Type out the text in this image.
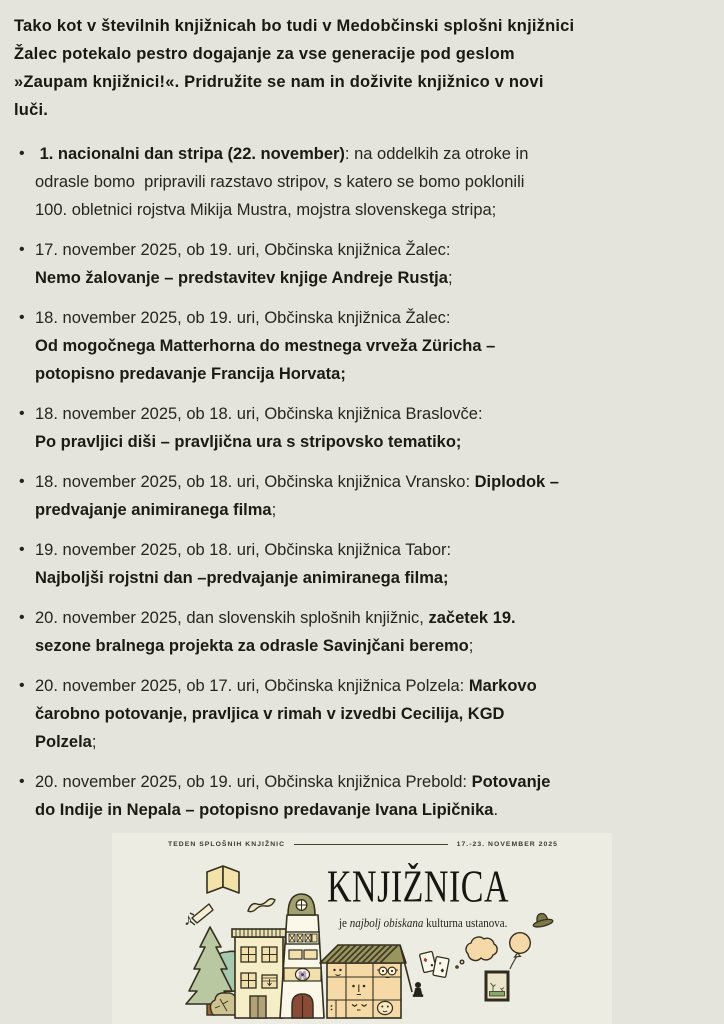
Tako kot v številnih knjižnicah bo tudi v Medobčinski splošni knjižnici
Žalec potekalo pestro dogajanje za vse generacije pod geslom
»Zaupam knjižnici!«. Pridružite se nam in doživite knjižnico v novi
luči.
• 1. nacionalni dan stripa (22. november): na oddelkih za otroke in
odrasle bomo  pripravili razstavo stripov, s katero se bomo poklonili
100. obletnici rojstva Mikija Mustra, mojstra slovenskega stripa;
• 17. november 2025, ob 19. uri, Občinska knjižnica Žalec:
Nemo žalovanje – predstavitev knjige Andreje Rustja;
• 18. november 2025, ob 19. uri, Občinska knjižnica Žalec:
Od mogočnega Matterhorna do mestnega vrveža Züricha –
potopisno predavanje Francija Horvata;
• 18. november 2025, ob 18. uri, Občinska knjižnica Braslovče:
Po pravljici diši – pravljična ura s stripovsko tematiko;
• 18. november 2025, ob 18. uri, Občinska knjižnica Vransko: Diplodok –
predvajanje animiranega filma;
• 19. november 2025, ob 18. uri, Občinska knjižnica Tabor:
Najboljši rojstni dan –predvajanje animiranega filma;
• 20. november 2025, dan slovenskih splošnih knjižnic, začetek 19.
sezone bralnega projekta za odrasle Savinjčani beremo;
• 20. november 2025, ob 17. uri, Občinska knjižnica Polzela: Markovo
čarobno potovanje, pravljica v rimah v izvedbi Cecilija, KGD
Polzela;
• 20. november 2025, ob 19. uri, Občinska knjižnica Prebold: Potovanje
do Indije in Nepala – potopisno predavanje Ivana Lipičnika.
TEDEN SPLOŠNIH KNJIŽNIC	17.-23. NOVEMBER 2025
KNJIŽNICA
je najbolj obiskana kulturna ustanova.
♪
